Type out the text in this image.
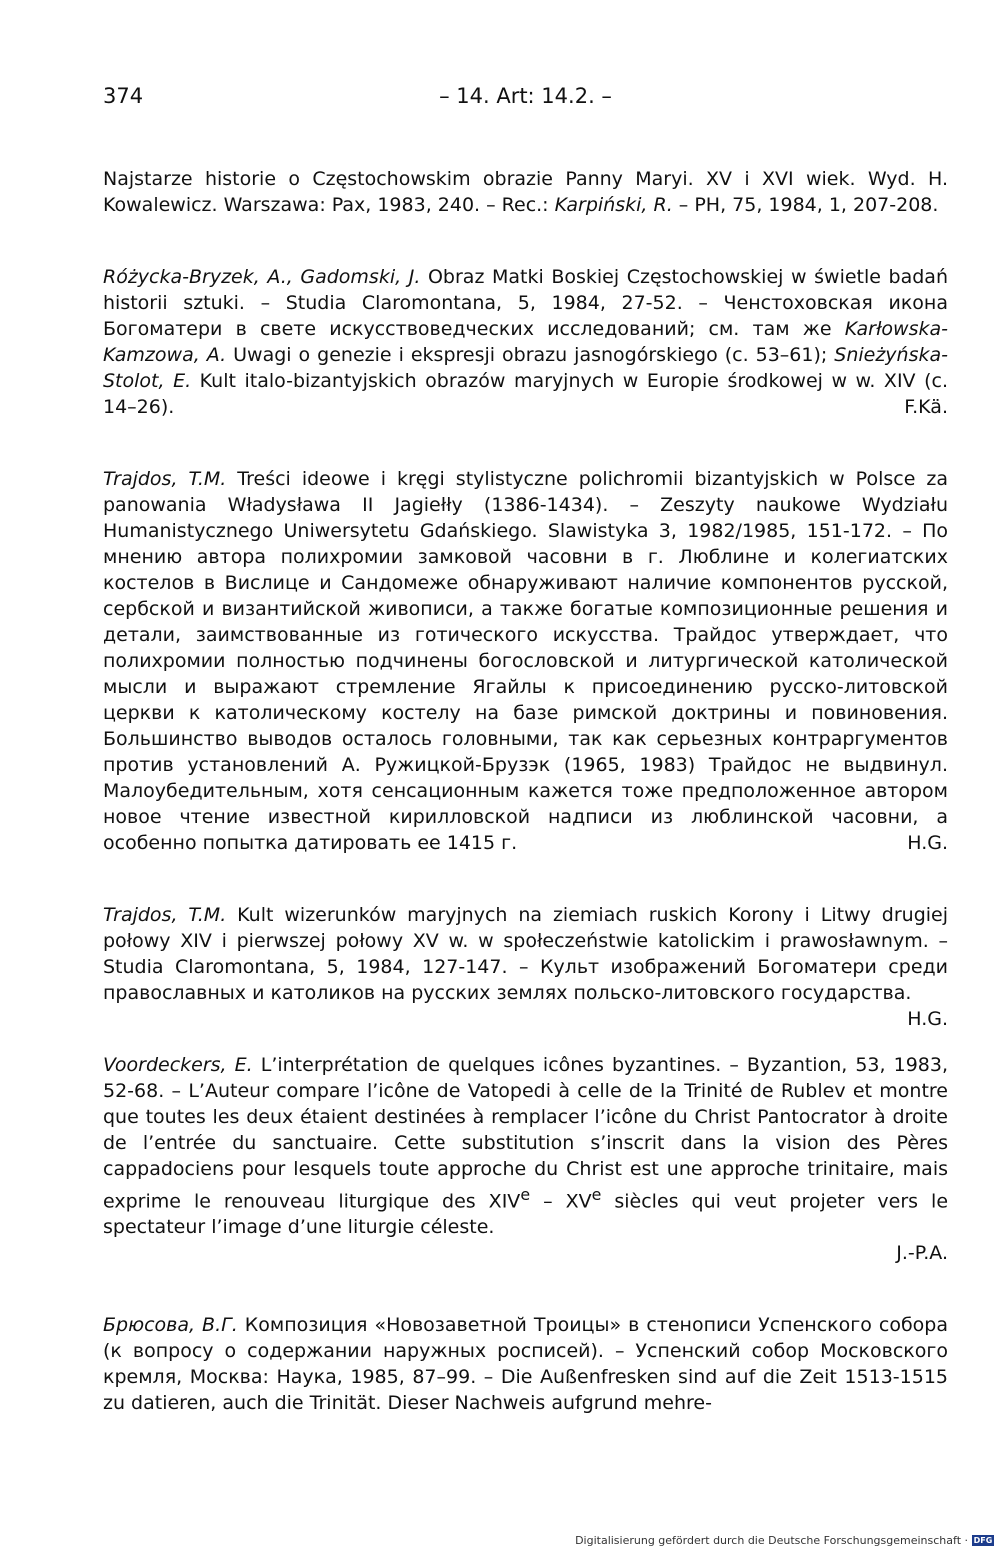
374	– 14. Art: 14.2. –

Najstarze historie o Częstochowskim obrazie Panny Maryi. XV i XVI wiek. Wyd. H. Kowalewicz. Warszawa: Pax, 1983, 240. – Rec.: Karpiński, R. – PH, 75, 1984, 1, 207-208.

Różycka-Bryzek, A., Gadomski, J. Obraz Matki Boskiej Częstochowskiej w świetle badań historii sztuki. – Studia Claromontana, 5, 1984, 27-52. – Ченстоховская икона Богоматери в свете искусствоведческих исследований; см. там же Karłowska-Kamzowa, A. Uwagi o genezie i ekspresji obrazu jasnogórskiego (c. 53–61); Snieżyńska-Stolot, E. Kult italo-bizantyjskich obrazów maryjnych w Europie środkowej w w. XIV (c. 14–26).	F.Kä.

Trajdos, T.M. Treści ideowe i kręgi stylistyczne polichromii bizantyjskich w Polsce za panowania Władysława II Jagiełły (1386-1434). – Zeszyty naukowe Wydziału Humanistycznego Uniwersytetu Gdańskiego. Slawistyka 3, 1982/1985, 151-172. – По мнению автора полихромии замковой часовни в г. Люблине и колегиатских костелов в Вислице и Сандомеже обнаруживают наличие компонентов русской, сербской и византийской живописи, а также богатые композиционные решения и детали, заимствованные из готического искусства. Трайдос утверждает, что полихромии полностью подчинены богословской и литургической католической мысли и выражают стремление Ягайлы к присоединению русско-литовской церкви к католическому костелу на базе римской доктрины и повиновения. Большинство выводов осталось головными, так как серьезных контраргументов против установлений А. Ружицкой-Брузэк (1965, 1983) Трайдос не выдвинул. Малоубедительным, хотя сенсационным кажется тоже предположенное автором новое чтение известной кирилловской надписи из люблинской часовни, а особенно попытка датировать ее 1415 г.	H.G.

Trajdos, T.M. Kult wizerunków maryjnych na ziemiach ruskich Korony i Litwy drugiej połowy XIV i pierwszej połowy XV w. w społeczeństwie katolickim i prawosławnym. – Studia Claromontana, 5, 1984, 127-147. – Культ изображений Богоматери среди православных и католиков на русских землях польско-литовского государства.
H.G.

Voordeckers, E. L’interprétation de quelques icônes byzantines. – Byzantion, 53, 1983, 52-68. – L’Auteur compare l’icône de Vatopedi à celle de la Trinité de Rublev et montre que toutes les deux étaient destinées à remplacer l’icône du Christ Pantocrator à droite de l’entrée du sanctuaire. Cette substitution s’inscrit dans la vision des Pères cappadociens pour lesquels toute approche du Christ est une approche trinitaire, mais exprime le renouveau liturgique des XIVe – XVe siècles qui veut projeter vers le spectateur l’image d’une liturgie céleste.
J.-P.A.

Брюсова, В.Г. Композиция «Новозаветной Троицы» в стенописи Успенского собора (к вопросу о содержании наружных росписей). – Успенский собор Московского кремля, Москва: Наука, 1985, 87–99. – Die Außenfresken sind auf die Zeit 1513-1515 zu datieren, auch die Trinität. Dieser Nachweis aufgrund mehre-

Digitalisierung gefördert durch die Deutsche Forschungsgemeinschaft · DFG
